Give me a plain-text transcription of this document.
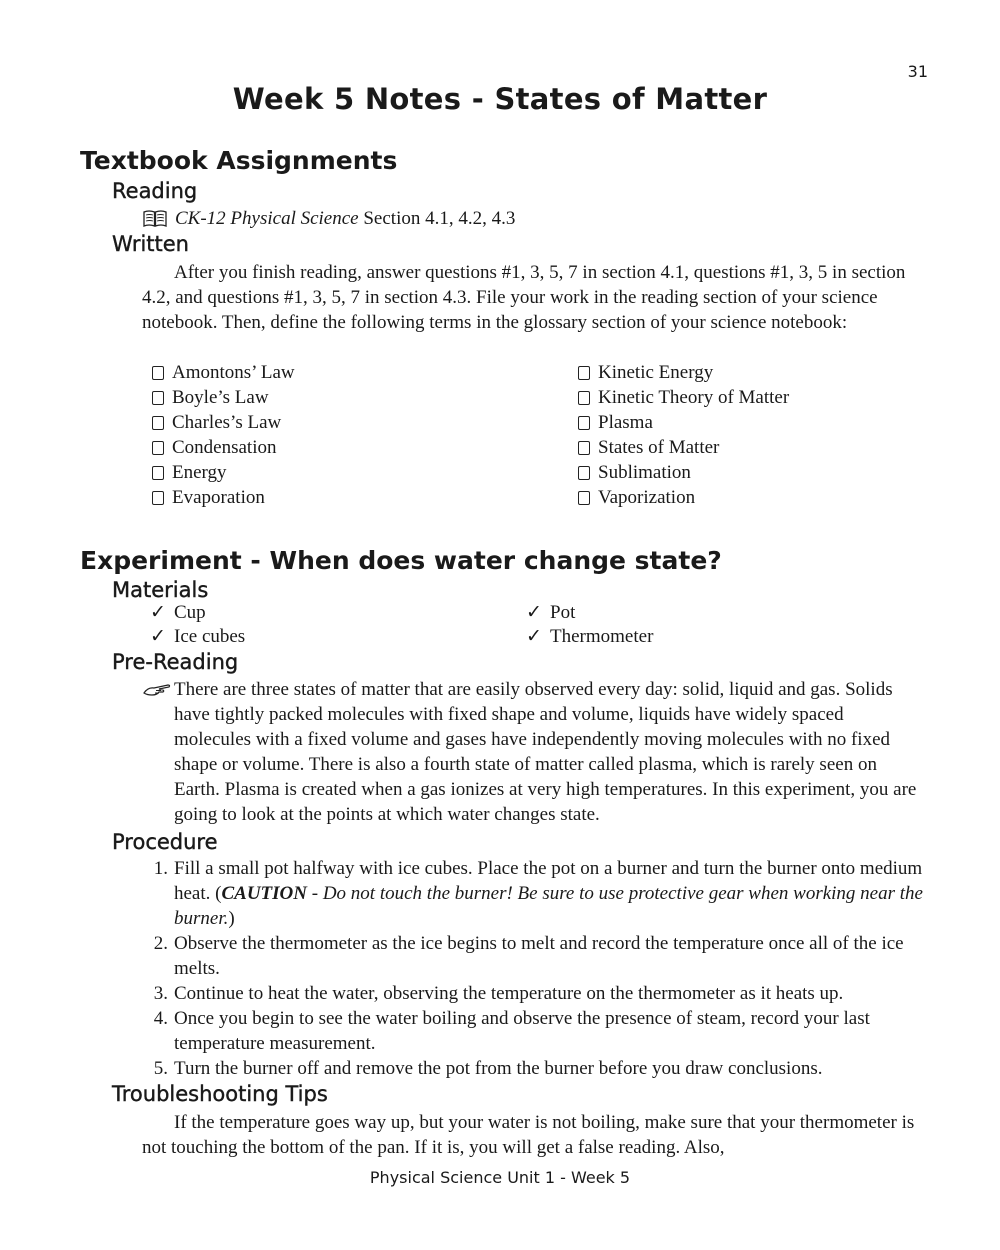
31
Week 5 Notes - States of Matter
Textbook Assignments
Reading
CK-12 Physical Science Section 4.1, 4.2, 4.3
Written
After you finish reading, answer questions #1, 3, 5, 7 in section 4.1, questions #1, 3, 5 in section 4.2, and questions #1, 3, 5, 7 in section 4.3. File your work in the reading section of your science notebook. Then, define the following terms in the glossary section of your science notebook:
Amontons’ Law
Boyle’s Law
Charles’s Law
Condensation
Energy
Evaporation
Kinetic Energy
Kinetic Theory of Matter
Plasma
States of Matter
Sublimation
Vaporization
Experiment - When does water change state?
Materials
✓ Cup
✓ Ice cubes
✓ Pot
✓ Thermometer
Pre-Reading
There are three states of matter that are easily observed every day: solid, liquid and gas. Solids have tightly packed molecules with fixed shape and volume, liquids have widely spaced molecules with a fixed volume and gases have independently moving molecules with no fixed shape or volume. There is also a fourth state of matter called plasma, which is rarely seen on Earth. Plasma is created when a gas ionizes at very high temperatures. In this experiment, you are going to look at the points at which water changes state.
Procedure
1. Fill a small pot halfway with ice cubes. Place the pot on a burner and turn the burner onto medium heat. (CAUTION - Do not touch the burner! Be sure to use protective gear when working near the burner.)
2. Observe the thermometer as the ice begins to melt and record the temperature once all of the ice melts.
3. Continue to heat the water, observing the temperature on the thermometer as it heats up.
4. Once you begin to see the water boiling and observe the presence of steam, record your last temperature measurement.
5. Turn the burner off and remove the pot from the burner before you draw conclusions.
Troubleshooting Tips
If the temperature goes way up, but your water is not boiling, make sure that your thermometer is not touching the bottom of the pan. If it is, you will get a false reading. Also,
Physical Science Unit 1 - Week 5
